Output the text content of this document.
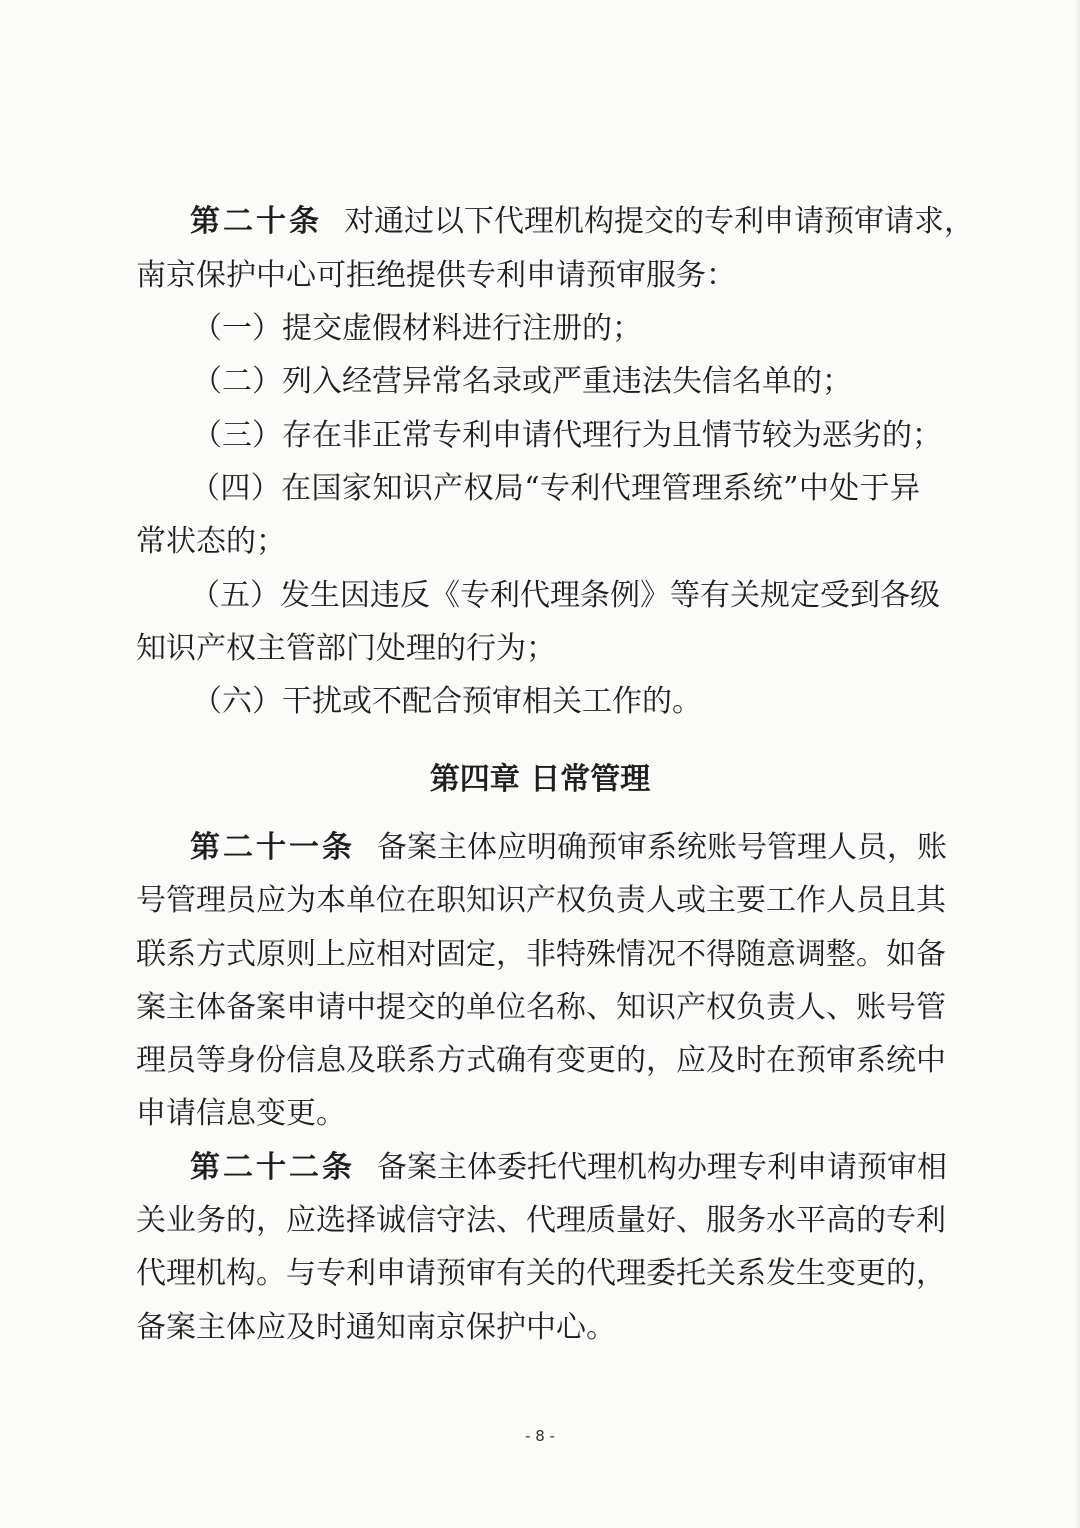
第二十条 对通过以下代理机构提交的专利申请预审请求，
南京保护中心可拒绝提供专利申请预审服务：
（一）提交虚假材料进行注册的；
（二）列入经营异常名录或严重违法失信名单的；
（三）存在非正常专利申请代理行为且情节较为恶劣的；
（四）在国家知识产权局“专利代理管理系统”中处于异
常状态的；
（五）发生因违反《专利代理条例》等有关规定受到各级
知识产权主管部门处理的行为；
（六）干扰或不配合预审相关工作的。
第四章 日常管理
第二十一条 备案主体应明确预审系统账号管理人员，账
号管理员应为本单位在职知识产权负责人或主要工作人员且其
联系方式原则上应相对固定，非特殊情况不得随意调整。如备
案主体备案申请中提交的单位名称、知识产权负责人、账号管
理员等身份信息及联系方式确有变更的，应及时在预审系统中
申请信息变更。
第二十二条 备案主体委托代理机构办理专利申请预审相
关业务的，应选择诚信守法、代理质量好、服务水平高的专利
代理机构。与专利申请预审有关的代理委托关系发生变更的，
备案主体应及时通知南京保护中心。
- 8 -
